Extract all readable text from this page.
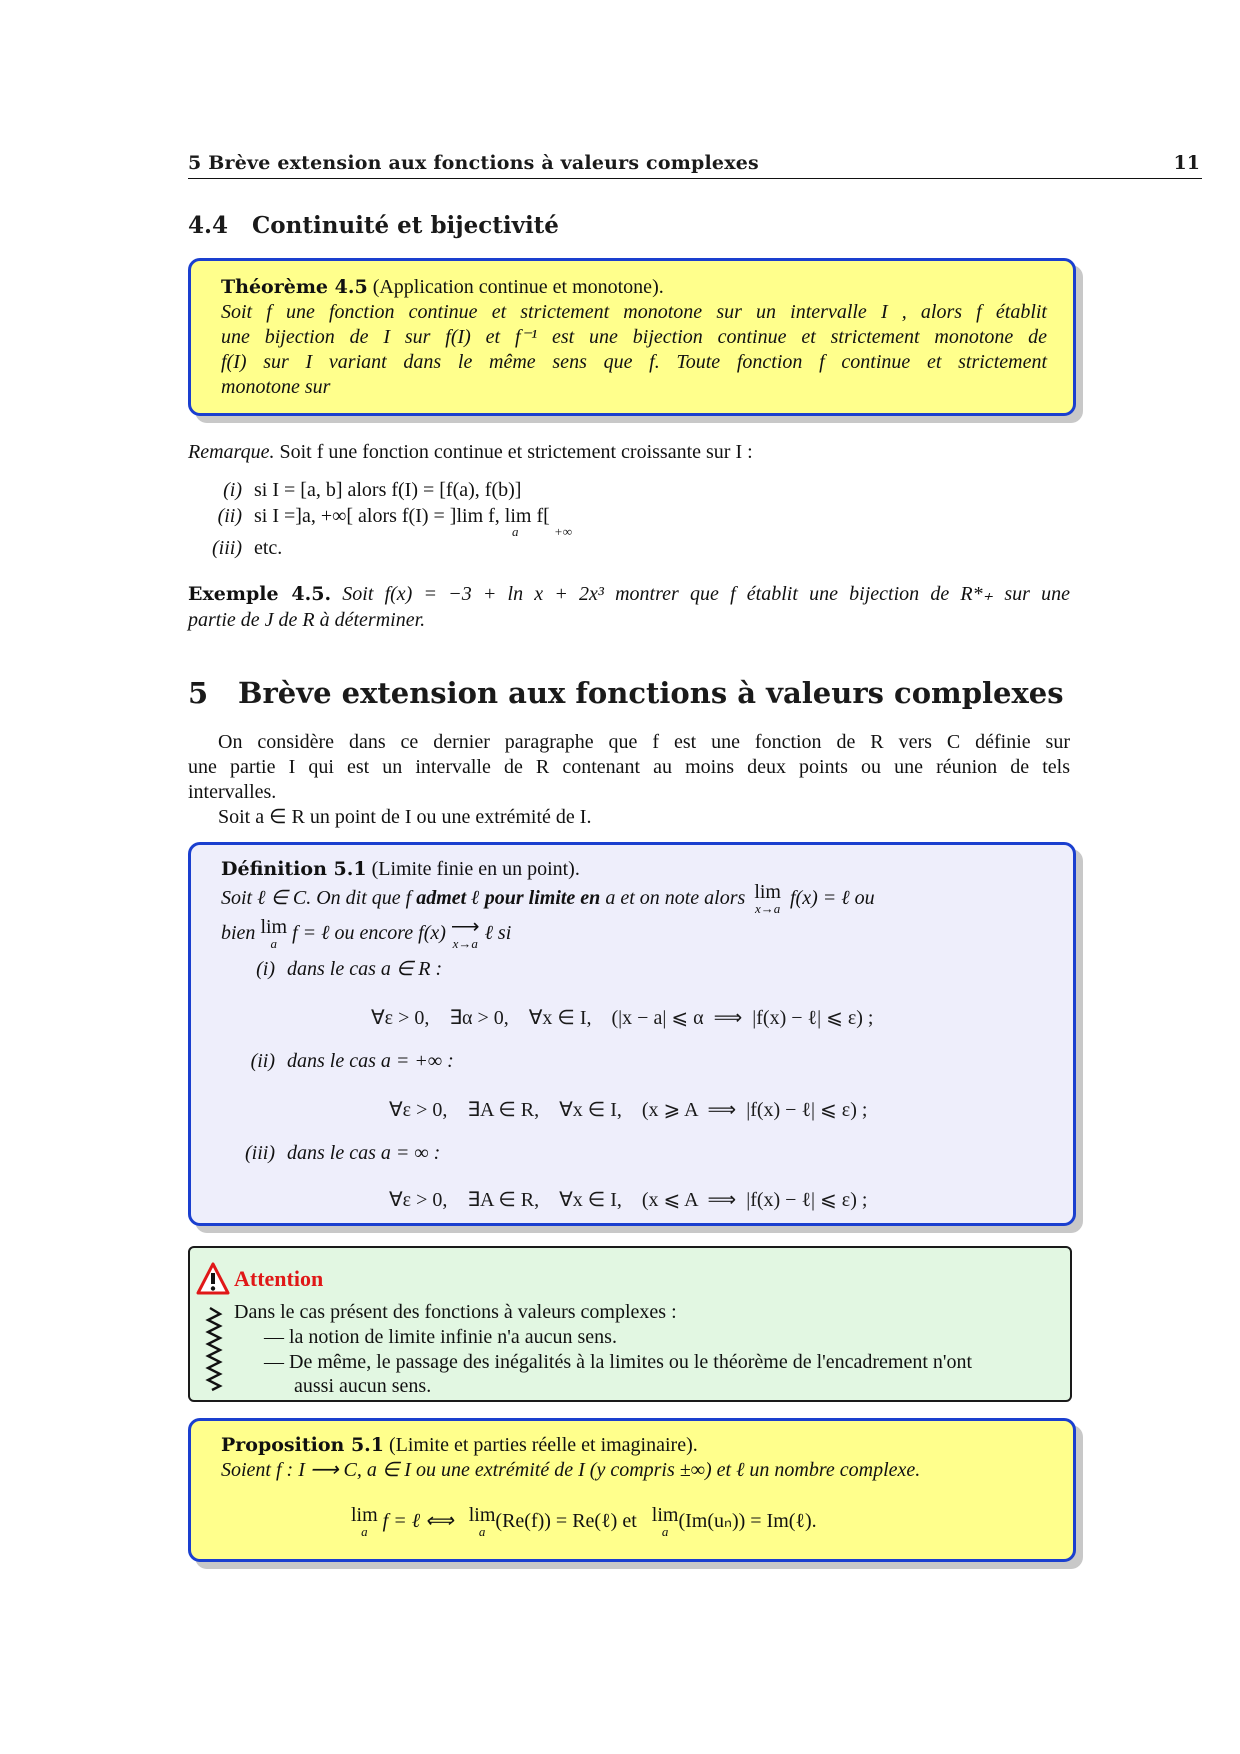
5 Brève extension aux fonctions à valeurs complexes	11
4.4 Continuité et bijectivité
Théorème 4.5 (Application continue et monotone).
Soit f une fonction continue et strictement monotone sur un intervalle I , alors f établit
une bijection de I sur f(I) et f⁻¹ est une bijection continue et strictement monotone de
f(I) sur I variant dans le même sens que f. Toute fonction f continue et strictement
monotone sur
Remarque. Soit f une fonction continue et strictement croissante sur I :
(i) si I = [a, b] alors f(I) = [f(a), f(b)]
(ii) si I =]a, +∞[ alors f(I) = ]lim f, lim f[
a	+∞
(iii) etc.
Exemple 4.5. Soit f(x) = −3 + ln x + 2x³ montrer que f établit une bijection de R*₊ sur une
partie de J de R à déterminer.
5 Brève extension aux fonctions à valeurs complexes
On considère dans ce dernier paragraphe que f est une fonction de R vers C définie sur
une partie I qui est un intervalle de R contenant au moins deux points ou une réunion de tels
intervalles.
Soit a ∈ R un point de I ou une extrémité de I.
Définition 5.1 (Limite finie en un point).
Soit ℓ ∈ C. On dit que f admet ℓ pour limite en a et on note alors lim
x→a f(x) = ℓ ou
bien lim
a f = ℓ ou encore f(x) ⟶
x→a ℓ si
(i) dans le cas a ∈ R :
∀ε > 0,    ∃α > 0,    ∀x ∈ I,    (|x − a| ⩽ α  ⟹  |f(x) − ℓ| ⩽ ε) ;
(ii) dans le cas a = +∞ :
∀ε > 0,    ∃A ∈ R,    ∀x ∈ I,    (x ⩾ A  ⟹  |f(x) − ℓ| ⩽ ε) ;
(iii) dans le cas a = ∞ :
∀ε > 0,    ∃A ∈ R,    ∀x ∈ I,    (x ⩽ A  ⟹  |f(x) − ℓ| ⩽ ε) ;
Attention
Dans le cas présent des fonctions à valeurs complexes :
— la notion de limite infinie n'a aucun sens.
— De même, le passage des inégalités à la limites ou le théorème de l'encadrement n'ont
aussi aucun sens.
Proposition 5.1 (Limite et parties réelle et imaginaire).
Soient f : I ⟶ C, a ∈ I ou une extrémité de I (y compris ±∞) et ℓ un nombre complexe.
lim
a f = ℓ ⟺ lim
a (Re(f)) = Re(ℓ) et lim
a (Im(uₙ)) = Im(ℓ).
